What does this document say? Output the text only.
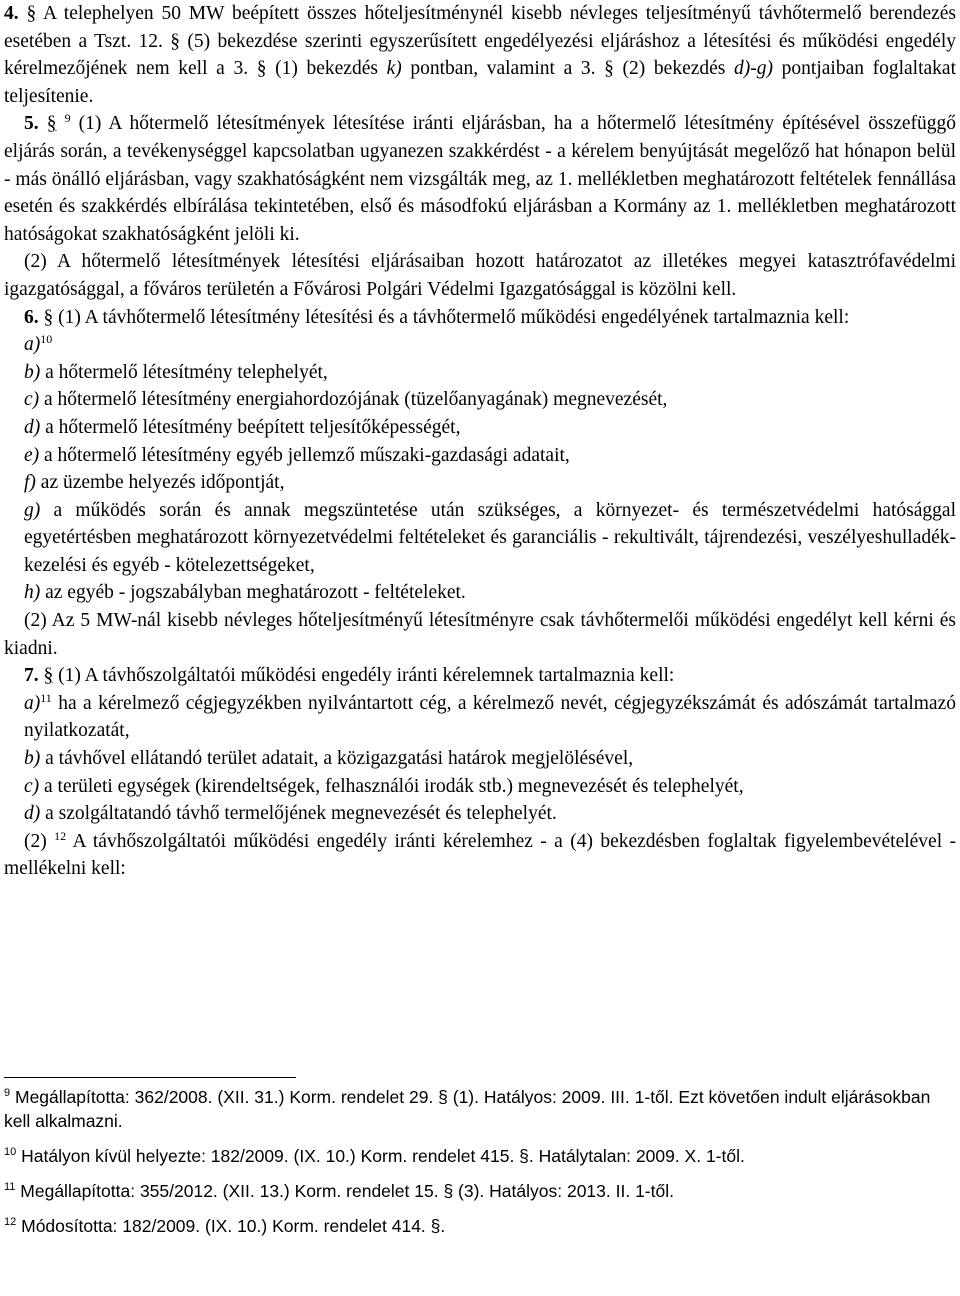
4. § A telephelyen 50 MW beépített összes hőteljesítménynél kisebb névleges teljesítményű távhőtermelő berendezés esetében a Tszt. 12. § (5) bekezdése szerinti egyszerűsített engedélyezési eljáráshoz a létesítési és működési engedély kérelmezőjének nem kell a 3. § (1) bekezdés k) pontban, valamint a 3. § (2) bekezdés d)-g) pontjaiban foglaltakat teljesítenie.

5. § $^9$ (1) A hőtermelő létesítmények létesítése iránti eljárásban, ha a hőtermelő létesítmény építésével összefüggő eljárás során, a tevékenységgel kapcsolatban ugyanezen szakkérdést - a kérelem benyújtását megelőző hat hónapon belül - más önálló eljárásban, vagy szakhatóságként nem vizsgálták meg, az 1. mellékletben meghatározott feltételek fennállása esetén és szakkérdés elbírálása tekintetében, első és másodfokú eljárásban a Kormány az 1. mellékletben meghatározott hatóságokat szakhatóságként jelöli ki.

(2) A hőtermelő létesítmények létesítési eljárásaiban hozott határozatot az illetékes megyei katasztrófavédelmi igazgatósággal, a főváros területén a Fővárosi Polgári Védelmi Igazgatósággal is közölni kell.

6. § (1) A távhőtermelő létesítmény létesítési és a távhőtermelő működési engedélyének tartalmaznia kell:

a)$^{10}$

b) a hőtermelő létesítmény telephelyét,

c) a hőtermelő létesítmény energiahordozójának (tüzelőanyagának) megnevezését,

d) a hőtermelő létesítmény beépített teljesítőképességét,

e) a hőtermelő létesítmény egyéb jellemző műszaki-gazdasági adatait,

f) az üzembe helyezés időpontját,

g) a működés során és annak megszüntetése után szükséges, a környezet- és természetvédelmi hatósággal egyetértésben meghatározott környezetvédelmi feltételeket és garanciális - rekultivált, tájrendezési, veszélyeshulladék-kezelési és egyéb - kötelezettségeket,

h) az egyéb - jogszabályban meghatározott - feltételeket.

(2) Az 5 MW-nál kisebb névleges hőteljesítményű létesítményre csak távhőtermelői működési engedélyt kell kérni és kiadni.

7. § (1) A távhőszolgáltatói működési engedély iránti kérelemnek tartalmaznia kell:

a)$^{11}$ ha a kérelmező cégjegyzékben nyilvántartott cég, a kérelmező nevét, cégjegyzékszámát és adószámát tartalmazó nyilatkozatát,

b) a távhővel ellátandó terület adatait, a közigazgatási határok megjelölésével,

c) a területi egységek (kirendeltségek, felhasználói irodák stb.) megnevezését és telephelyét,

d) a szolgáltatandó távhő termelőjének megnevezését és telephelyét.

(2) $^{12}$ A távhőszolgáltatói működési engedély iránti kérelemhez - a (4) bekezdésben foglaltak figyelembevételével - mellékelni kell:

$^9$ Megállapította: 362/2008. (XII. 31.) Korm. rendelet 29. § (1). Hatályos: 2009. III. 1-től. Ezt követően indult eljárásokban kell alkalmazni.

$^{10}$ Hatályon kívül helyezte: 182/2009. (IX. 10.) Korm. rendelet 415. §. Hatálytalan: 2009. X. 1-től.

$^{11}$ Megállapította: 355/2012. (XII. 13.) Korm. rendelet 15. § (3). Hatályos: 2013. II. 1-től.

$^{12}$ Módosította: 182/2009. (IX. 10.) Korm. rendelet 414. §.
